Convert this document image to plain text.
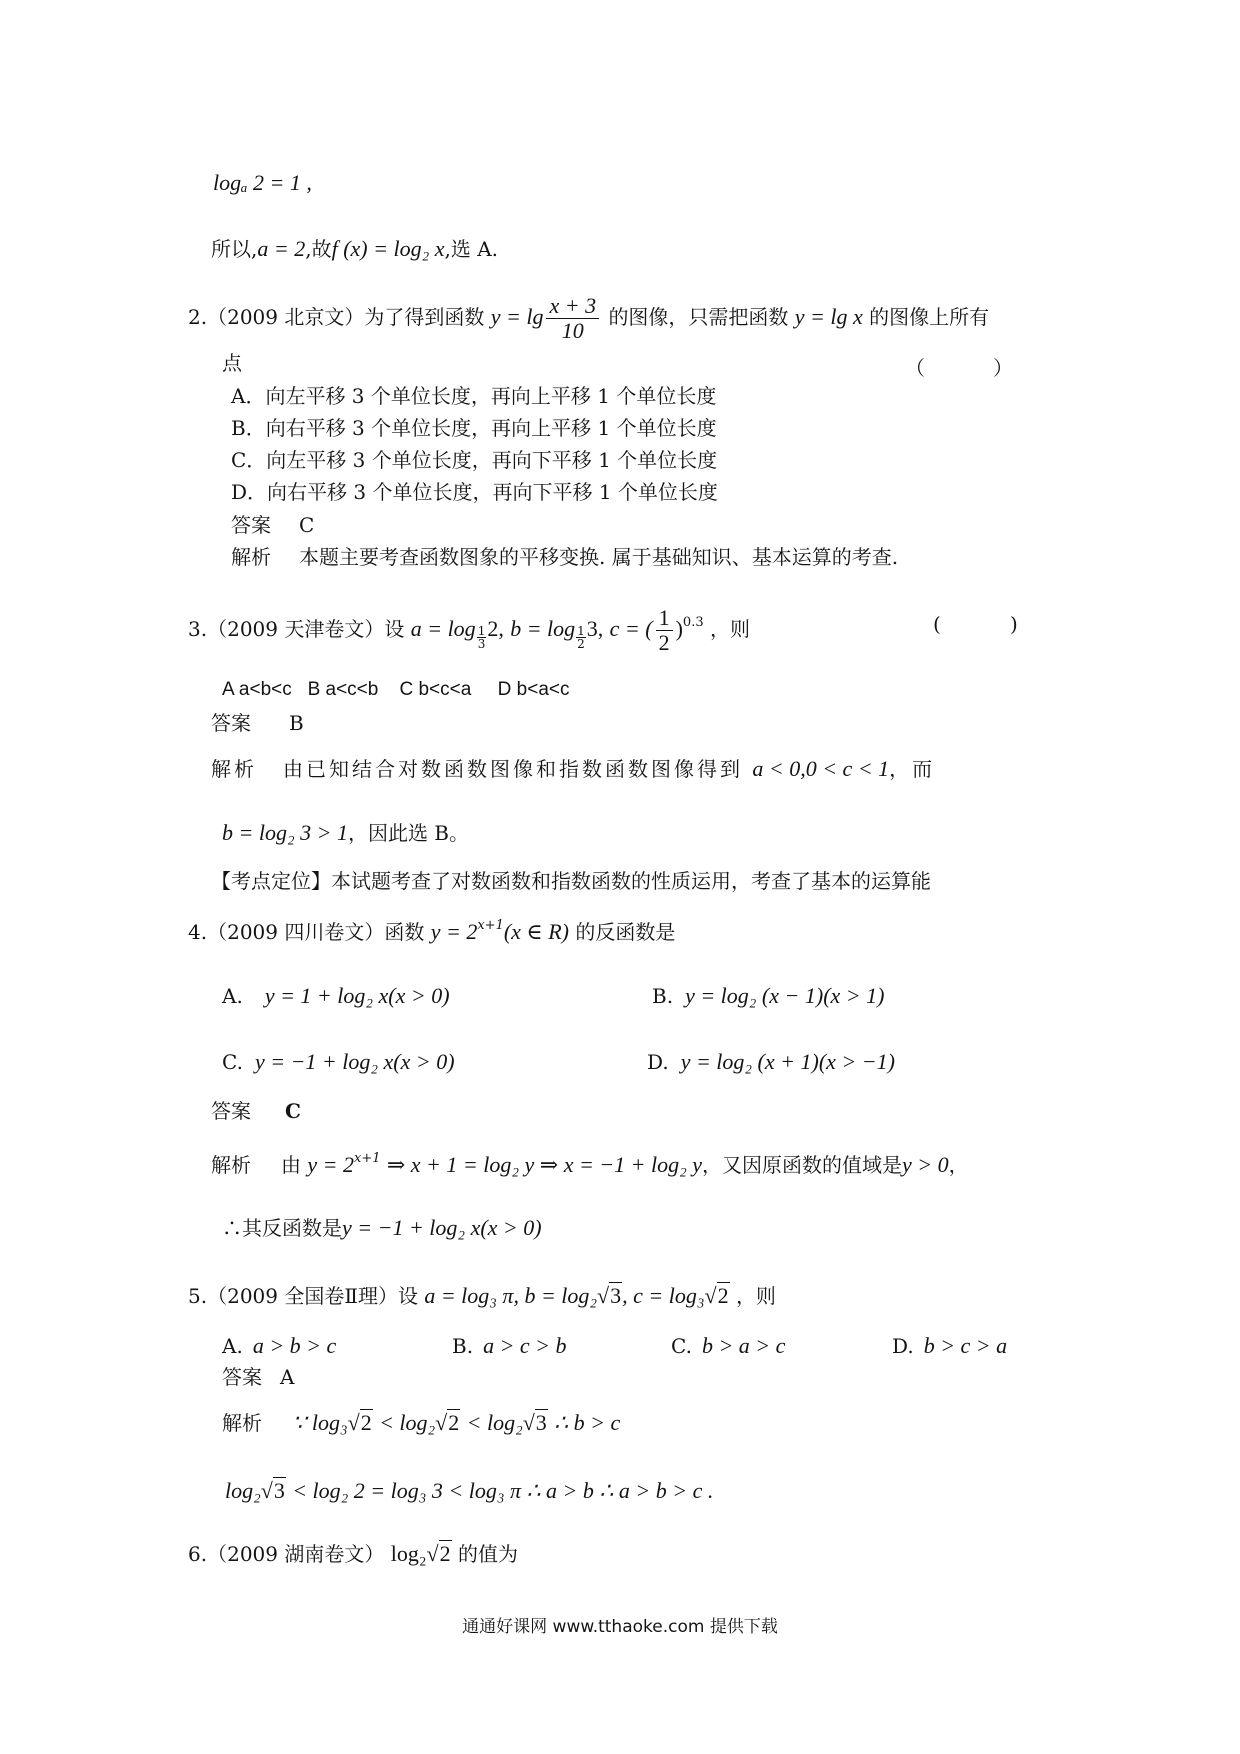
logₐ 2 = 1 ,
所以,a = 2,故f (x) = log₂ x,选 A.
2.（2009 北京文）为了得到函数 $y = \lg \frac{x + 3}{10}$ 的图像，只需把函数 y = lg x 的图像上所有
点	（	）
A．向左平移 3 个单位长度，再向上平移 1 个单位长度
B．向右平移 3 个单位长度，再向上平移 1 个单位长度
C．向左平移 3 个单位长度，再向下平移 1 个单位长度
D．向右平移 3 个单位长度，再向下平移 1 个单位长度
答案 C
解析 本题主要考查函数图象的平移变换. 属于基础知识、基本运算的考查.
3.（2009 天津卷文）设 $a = \log \frac{1}{3} 2$, $b = \log \frac{1}{2} 3$, c = ( $\frac{1}{2} )^{0.3}$ ，则	(	)
A a<b<c   B a<c<b    C b<c<a     D b<a<c
答案 B
解析 由已知结合对数函数图像和指数函数图像得到 a < 0,0 < c < 1，而
b = log₂ 3 > 1，因此选 B。
【考点定位】本试题考查了对数函数和指数函数的性质运用，考查了基本的运算能
4.（2009 四川卷文）函数 $y = 2^{x+1}(x$ ∈ R) 的反函数是
A. y = 1 + log₂ x(x > 0)	B. y = log₂ (x − 1)(x > 1)
C. y = −1 + log₂ x(x > 0)	D. y = log₂ (x + 1)(x > −1)
答案 C
解析 由 $y = 2^{x+1}$ ⇒ x + 1 = log₂ y ⇒ x = −1 + log₂ y，又因原函数的值域是y > 0，
∴其反函数是y = −1 + log₂ x(x > 0)
5.（2009 全国卷Ⅱ理）设 a = log₃ π, b = log₂√3, c = log₃√2 ，则
A. a > b > c	B. a > c > b	C. b > a > c	D. b > c > a
答案 A
解析 ∵ log₃√2 < log₂√2 < log₂√3 ∴ b > c
log₂√3 < log₂ 2 = log₃ 3 < log₃ π ∴ a > b ∴ a > b > c .
6.（2009 湖南卷文） log₂√2 的值为
通通好课网 www.tthaoke.com 提供下载
